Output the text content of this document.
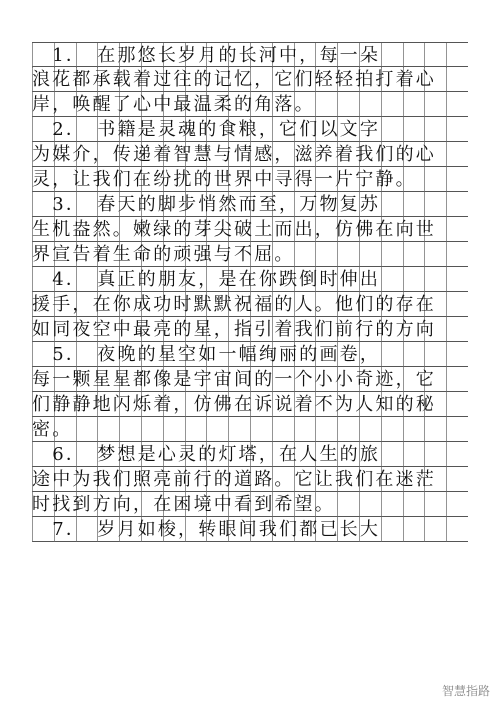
　1．　在那悠长岁月的长河中，每一朵
浪花都承载着过往的记忆，它们轻轻拍打着心
岸，唤醒了心中最温柔的角落。
　2．　书籍是灵魂的食粮，它们以文字
为媒介，传递着智慧与情感，滋养着我们的心
灵，让我们在纷扰的世界中寻得一片宁静。
　3．　春天的脚步悄然而至，万物复苏
生机盎然。嫩绿的芽尖破土而出，仿佛在向世
界宣告着生命的顽强与不屈。
　4．　真正的朋友，是在你跌倒时伸出
援手，在你成功时默默祝福的人。他们的存在
如同夜空中最亮的星，指引着我们前行的方向
　5．　夜晚的星空如一幅绚丽的画卷，
每一颗星星都像是宇宙间的一个小小奇迹，它
们静静地闪烁着，仿佛在诉说着不为人知的秘
密。
　6．　梦想是心灵的灯塔，在人生的旅
途中为我们照亮前行的道路。它让我们在迷茫
时找到方向，在困境中看到希望。
　7．　岁月如梭，转眼间我们都已长大
智慧指路
